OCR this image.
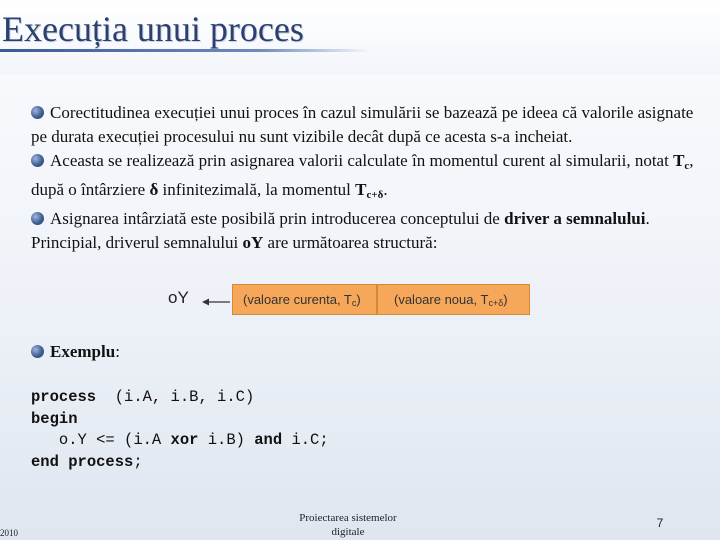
Execuția unui proces

Corectitudinea execuției unui proces în cazul simulării se bazează pe ideea că valorile asignate pe durata execuției procesului nu sunt vizibile decât după ce acesta s-a incheiat.

Aceasta se realizează prin asignarea valorii calculate în momentul curent al simularii, notat $T_c$, după o întârziere δ infinitezimală, la momentul $T_{c+\delta}$.

Asignarea intârziată este posibilă prin introducerea conceptului de driver a semnalului. Principial, driverul semnalului oY are următoarea structură:

oY	(valoare curenta, $T_c$)	(valoare noua, $T_{c+\delta}$)
Exemplu:
process  (i.A, i.B, i.C)
begin
o.Y <= (i.A xor i.B) and i.C;
end process;
2010
Proiectarea sistemelor
digitale
7
